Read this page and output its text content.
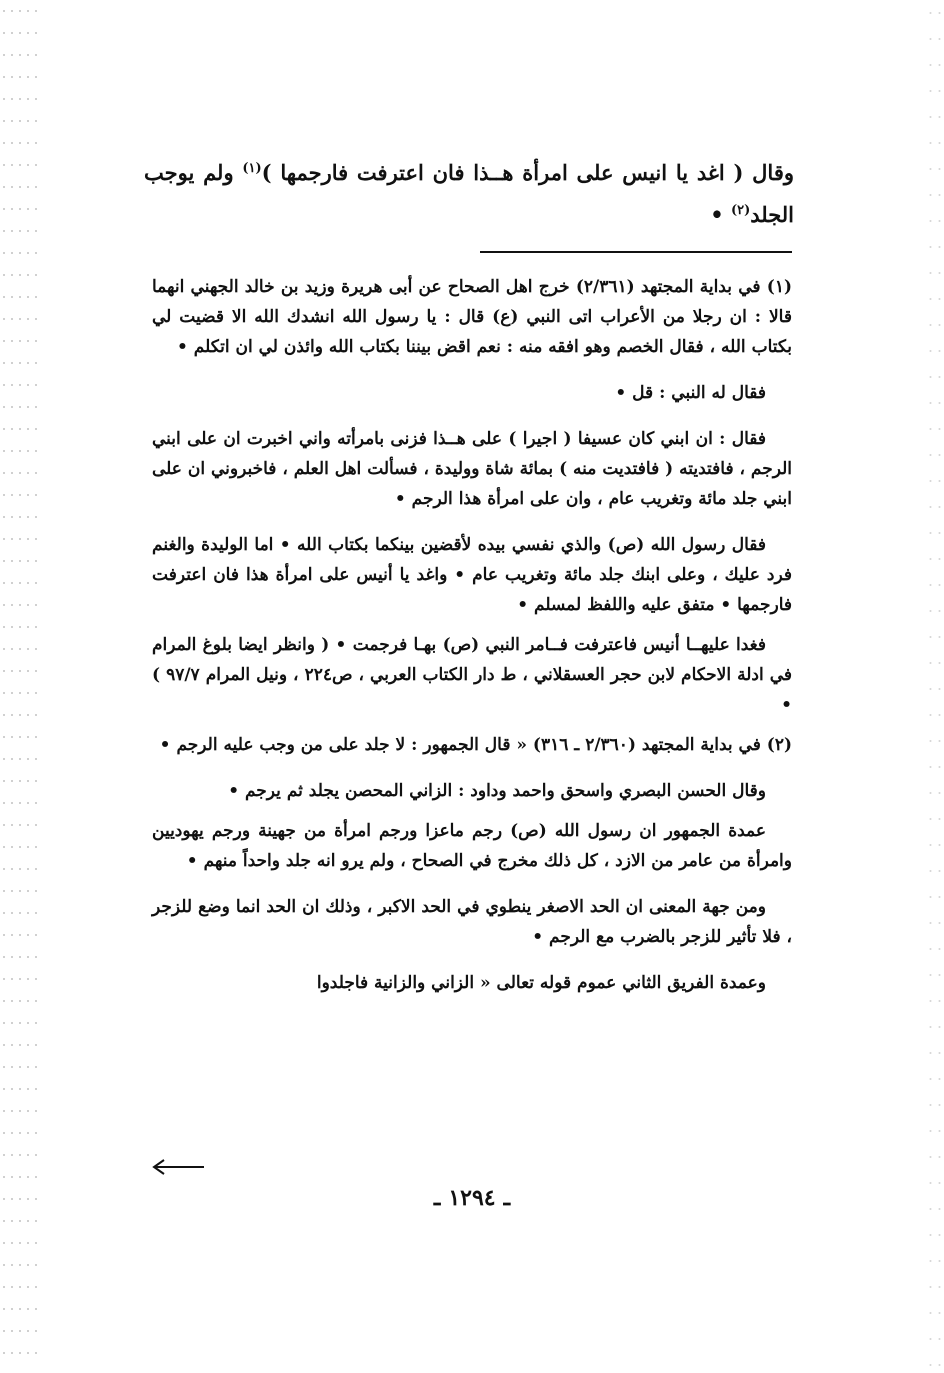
وقال ( اغد يا انيس على امرأة هــذا فان اعترفت فارجمها )$^{(١)}$ ولم يوجب الجلد$^{(٢)}$ •

(١) في بداية المجتهد (٢/٣٦١) خرج اهل الصحاح عن أبى هريرة وزيد بن خالد الجهني انهما قالا : ان رجلا من الأعراب اتى النبي (ع) قال : يا رسول الله انشدك الله الا قضيت لي بكتاب الله ، فقال الخصم وهو افقه منه : نعم اقض بيننا بكتاب الله وائذن لي ان اتكلم •

فقال له النبي : قل •

فقال : ان ابني كان عسيفا ( اجيرا ) على هــذا فزنى بامرأته واني اخبرت ان على ابني الرجم ، فافتديته ( فافتديت منه ) بمائة شاة ووليدة ، فسألت اهل العلم ، فاخبروني ان على ابني جلد مائة وتغريب عام ، وان على امرأة هذا الرجم •

فقال رسول الله (ص) والذي نفسي بيده لأقضين بينكما بكتاب الله • اما الوليدة والغنم فرد عليك ، وعلى ابنك جلد مائة وتغريب عام • واغد يا أنيس على امرأة هذا فان اعترفت فارجمها • متفق عليه واللفظ لمسلم •

فغدا عليهــا أنيس فاعترفت فــامر النبي (ص) بهـا فرجمت • ( وانظر ايضا بلوغ المرام في ادلة الاحكام لابن حجر العسقلاني ، ط دار الكتاب العربي ، ص٢٢٤ ، ونيل المرام ٩٧/٧ ) •

(٢) في بداية المجتهد (٢/٣٦٠ ـ ٣١٦) « قال الجمهور : لا جلد على من وجب عليه الرجم •

وقال الحسن البصري واسحق واحمد وداود : الزاني المحصن يجلد ثم يرجم •

عمدة الجمهور ان رسول الله (ص) رجم ماعزا ورجم امرأة من جهينة ورجم يهوديين وامرأة من عامر من الازد ، كل ذلك مخرج في الصحاح ، ولم يرو انه جلد واحداً منهم •

ومن جهة المعنى ان الحد الاصغر ينطوي في الحد الاكبر ، وذلك ان الحد انما وضع للزجر ، فلا تأثير للزجر بالضرب مع الرجم •

وعمدة الفريق الثاني عموم قوله تعالى « الزاني والزانية فاجلدوا

ـ١٢٩٤ـ
